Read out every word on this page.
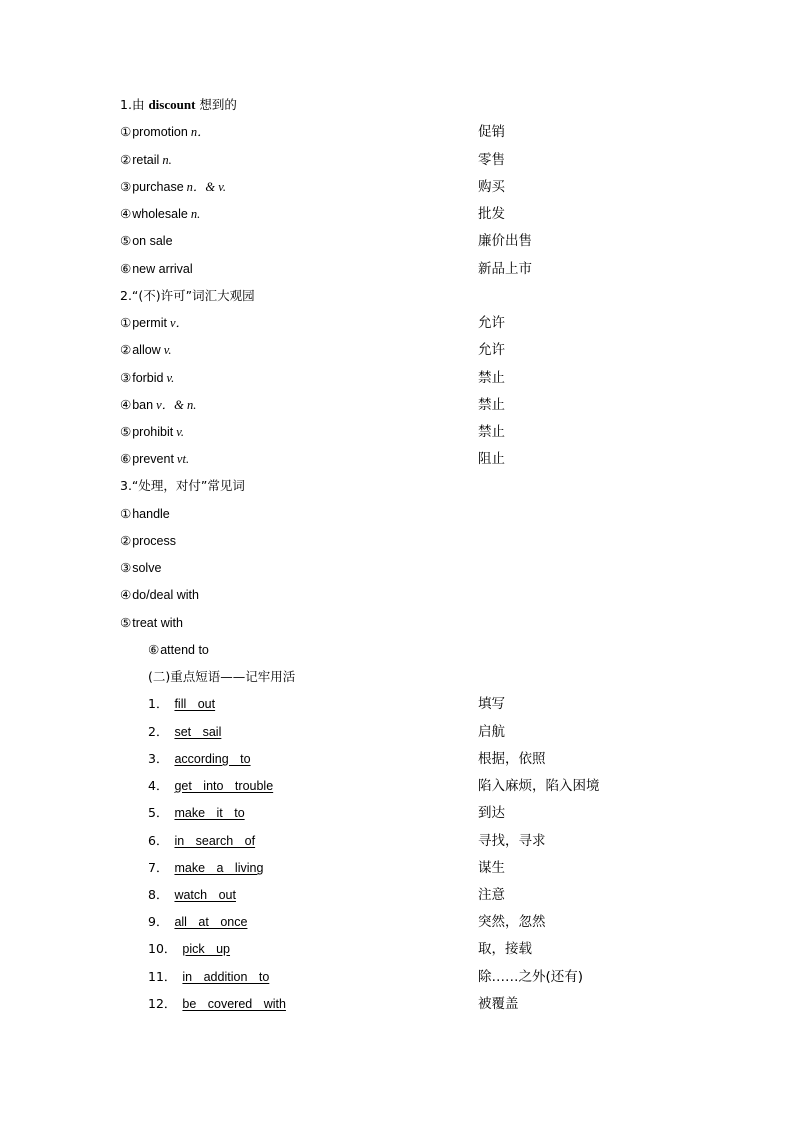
1.由 discount 想到的
①promotion n．	促销
②retail n.	零售
③purchase n．& v.	购买
④wholesale n.	批发
⑤on sale	廉价出售
⑥new arrival	新品上市
2.“(不)许可”词汇大观园
①permit v．	允许
②allow v.	允许
③forbid v.	禁止
④ban v．& n.	禁止
⑤prohibit v.	禁止
⑥prevent vt.	阻止
3.“处理，对付”常见词
①handle
②process
③solve
④do/deal with
⑤treat with
⑥attend to
(二)重点短语——记牢用活
1． fill out	填写
2． set sail	启航
3． according to	根据，依照
4． get into trouble	陷入麻烦，陷入困境
5． make it to	到达
6． in search of	寻找，寻求
7． make a living	谋生
8． watch out	注意
9． all at once	突然，忽然
10． pick up	取，接载
11． in addition to	除……之外(还有)
12． be covered with	被覆盖
